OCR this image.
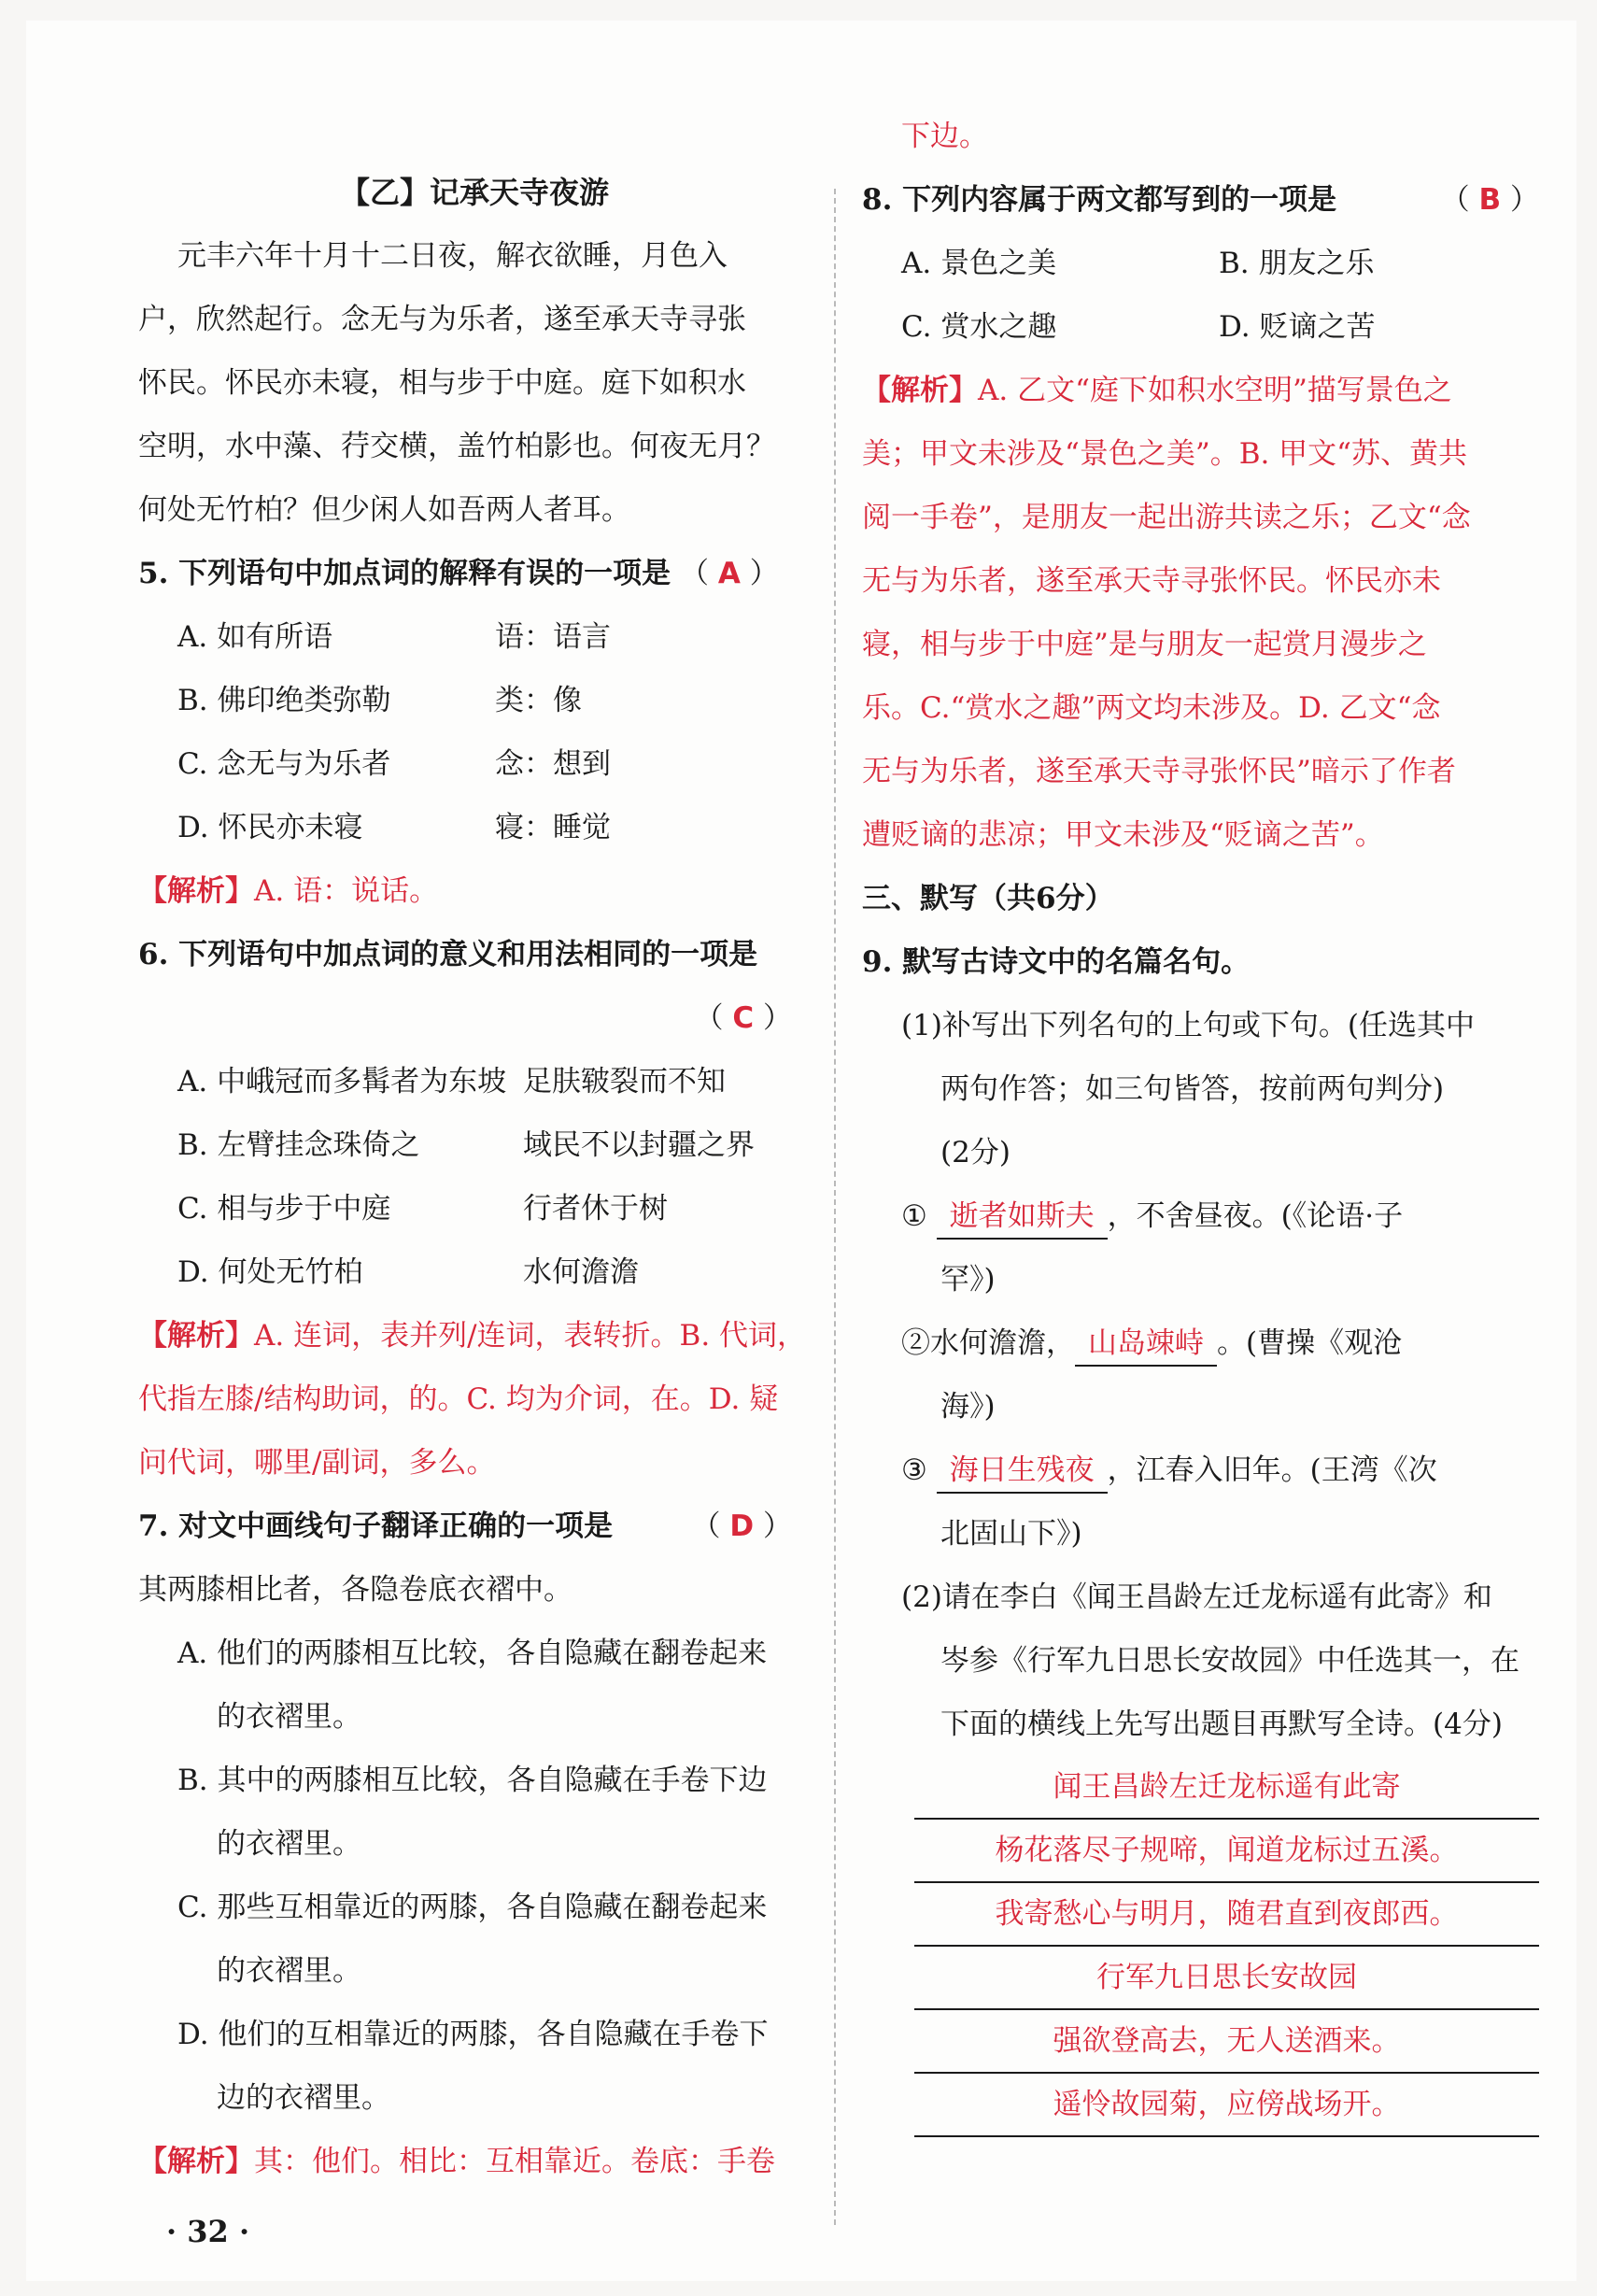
【乙】记承天寺夜游
元丰六年十月十二日夜，解衣欲睡，月色入
户，欣然起行。念无与为乐者，遂至承天寺寻张
怀民。怀民亦未寝，相与步于中庭。庭下如积水
空明，水中藻、荇交横，盖竹柏影也。何夜无月？
何处无竹柏？但少闲人如吾两人者耳。
5. 下列语句中加点词的解释有误的一项是 （ A ）
A. 如有所语	语：语言
B. 佛印绝类弥勒	类：像
C. 念无与为乐者	念：想到
D. 怀民亦未寝	寝：睡觉
【解析】A. 语：说话。
6. 下列语句中加点词的意义和用法相同的一项是
（ C ）
A. 中峨冠而多髯者为东坡 足肤皲裂而不知
B. 左臂挂念珠倚之	域民不以封疆之界
C. 相与步于中庭	行者休于树
D. 何处无竹柏	水何澹澹
【解析】A. 连词，表并列/连词，表转折。B. 代词，
代指左膝/结构助词，的。C. 均为介词，在。D. 疑
问代词，哪里/副词，多么。
7. 对文中画线句子翻译正确的一项是	（ D ）
其两膝相比者，各隐卷底衣褶中。
A. 他们的两膝相互比较，各自隐藏在翻卷起来
的衣褶里。
B. 其中的两膝相互比较，各自隐藏在手卷下边
的衣褶里。
C. 那些互相靠近的两膝，各自隐藏在翻卷起来
的衣褶里。
D. 他们的互相靠近的两膝，各自隐藏在手卷下
边的衣褶里。
【解析】其：他们。相比：互相靠近。卷底：手卷
· 32 ·
下边。
8. 下列内容属于两文都写到的一项是	（ B ）
A. 景色之美	B. 朋友之乐
C. 赏水之趣	D. 贬谪之苦
【解析】A. 乙文“庭下如积水空明”描写景色之
美；甲文未涉及“景色之美”。B. 甲文“苏、黄共
阅一手卷”，是朋友一起出游共读之乐；乙文“念
无与为乐者，遂至承天寺寻张怀民。怀民亦未
寝，相与步于中庭”是与朋友一起赏月漫步之
乐。C.“赏水之趣”两文均未涉及。D. 乙文“念
无与为乐者，遂至承天寺寻张怀民”暗示了作者
遭贬谪的悲凉；甲文未涉及“贬谪之苦”。
三、默写（共6分）
9. 默写古诗文中的名篇名句。
(1)补写出下列名句的上句或下句。(任选其中
两句作答；如三句皆答，按前两句判分)
(2分)
① 逝者如斯夫 ，不舍昼夜。(《论语·子
罕》)
②水何澹澹， 山岛竦峙 。(曹操《观沧
海》)
③ 海日生残夜 ，江春入旧年。(王湾《次
北固山下》)
(2)请在李白《闻王昌龄左迁龙标遥有此寄》和
岑参《行军九日思长安故园》中任选其一，在
下面的横线上先写出题目再默写全诗。(4分)
闻王昌龄左迁龙标遥有此寄
杨花落尽子规啼，闻道龙标过五溪。
我寄愁心与明月，随君直到夜郎西。
行军九日思长安故园
强欲登高去，无人送酒来。
遥怜故园菊，应傍战场开。
